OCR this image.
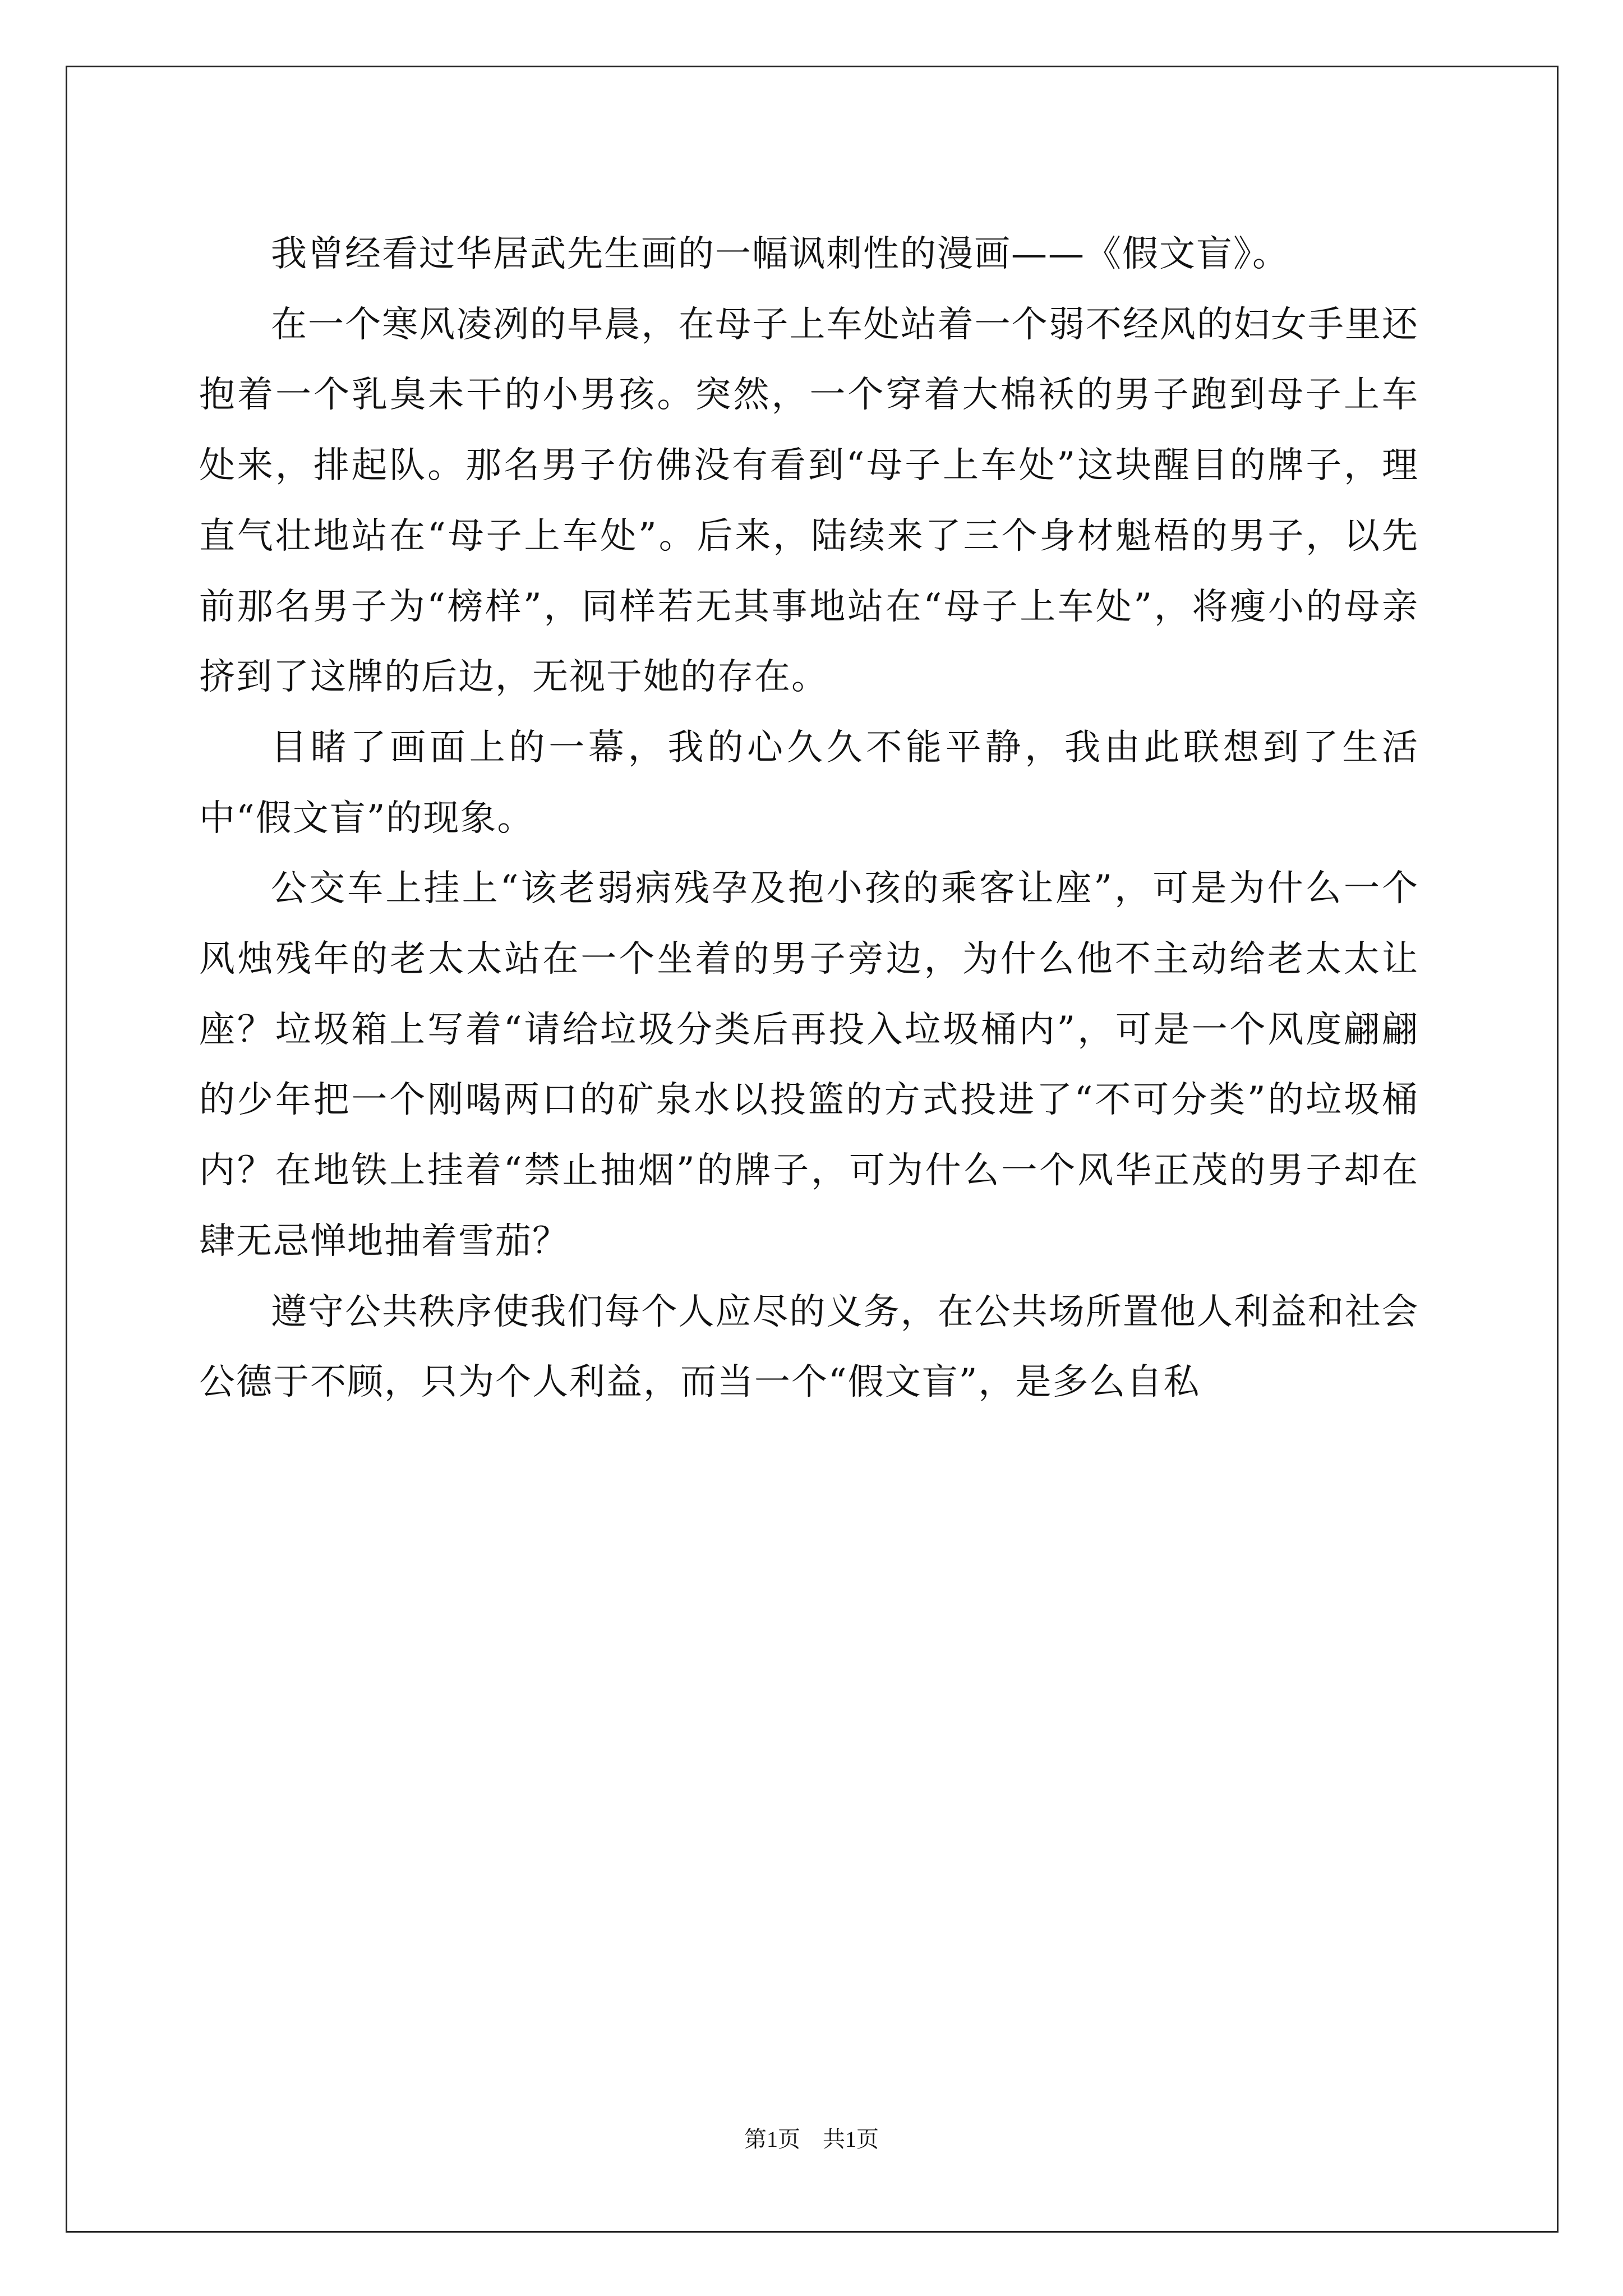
我曾经看过华居武先生画的一幅讽刺性的漫画——《假文盲》。

在一个寒风凌冽的早晨，在母子上车处站着一个弱不经风的妇女手里还抱着一个乳臭未干的小男孩。突然，一个穿着大棉袄的男子跑到母子上车处来，排起队。那名男子仿佛没有看到“母子上车处”这块醒目的牌子，理直气壮地站在“母子上车处”。后来，陆续来了三个身材魁梧的男子，以先前那名男子为“榜样”，同样若无其事地站在“母子上车处”，将瘦小的母亲挤到了这牌的后边，无视于她的存在。

目睹了画面上的一幕，我的心久久不能平静，我由此联想到了生活中“假文盲”的现象。

公交车上挂上“该老弱病残孕及抱小孩的乘客让座”，可是为什么一个风烛残年的老太太站在一个坐着的男子旁边，为什么他不主动给老太太让座？垃圾箱上写着“请给垃圾分类后再投入垃圾桶内”，可是一个风度翩翩的少年把一个刚喝两口的矿泉水以投篮的方式投进了“不可分类”的垃圾桶内？在地铁上挂着“禁止抽烟”的牌子，可为什么一个风华正茂的男子却在肆无忌惮地抽着雪茄？

遵守公共秩序使我们每个人应尽的义务，在公共场所置他人利益和社会公德于不顾，只为个人利益，而当一个“假文盲”，是多么自私

第1页 共1页
